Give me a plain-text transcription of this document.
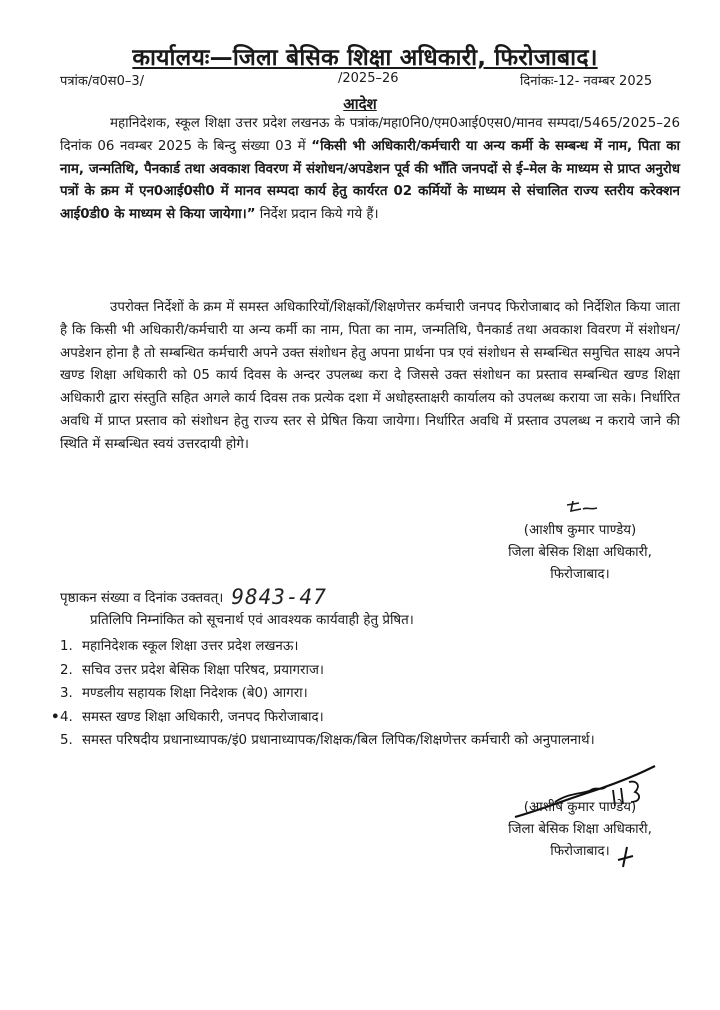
कार्यालयः—जिला बेसिक शिक्षा अधिकारी, फिरोजाबाद।
पत्रांक/व0स0–3/	/2025–26	दिनांकः-12- नवम्बर 2025
आदेश

महानिदेशक, स्कूल शिक्षा उत्तर प्रदेश लखनऊ के पत्रांक/महा0नि0/एम0आई0एस0/मानव सम्पदा/5465/2025–26 दिनांक 06 नवम्बर 2025 के बिन्दु संख्या 03 में “किसी भी अधिकारी/कर्मचारी या अन्य कर्मी के सम्बन्ध में नाम, पिता का नाम, जन्मतिथि, पैनकार्ड तथा अवकाश विवरण में संशोधन/अपडेशन पूर्व की भाँति जनपदों से ई–मेल के माध्यम से प्राप्त अनुरोध पत्रों के क्रम में एन0आई0सी0 में मानव सम्पदा कार्य हेतु कार्यरत 02 कर्मियों के माध्यम से संचालित राज्य स्तरीय करेक्शन आई0डी0 के माध्यम से किया जायेगा।” निर्देश प्रदान किये गये हैं।

उपरोक्त निर्देशों के क्रम में समस्त अधिकारियों/शिक्षकों/शिक्षणेत्तर कर्मचारी जनपद फिरोजाबाद को निर्देशित किया जाता है कि किसी भी अधिकारी/कर्मचारी या अन्य कर्मी का नाम, पिता का नाम, जन्मतिथि, पैनकार्ड तथा अवकाश विवरण में संशोधन/अपडेशन होना है तो सम्बन्धित कर्मचारी अपने उक्त संशोधन हेतु अपना प्रार्थना पत्र एवं संशोधन से सम्बन्धित समुचित साक्ष्य अपने खण्ड शिक्षा अधिकारी को 05 कार्य दिवस के अन्दर उपलब्ध करा दे जिससे उक्त संशोधन का प्रस्ताव सम्बन्धित खण्ड शिक्षा अधिकारी द्वारा संस्तुति सहित अगले कार्य दिवस तक प्रत्येक दशा में अधोहस्ताक्षरी कार्यालय को उपलब्ध कराया जा सके। निर्धारित अवधि में प्राप्त प्रस्ताव को संशोधन हेतु राज्य स्तर से प्रेषित किया जायेगा। निर्धारित अवधि में प्रस्ताव उपलब्ध न कराये जाने की स्थिति में सम्बन्धित स्वयं उत्तरदायी होगे।

(आशीष कुमार पाण्डेय)
जिला बेसिक शिक्षा अधिकारी,
फिरोजाबाद।
पृष्ठाकन संख्या व दिनांक उक्तवत्। 9843-47
प्रतिलिपि निम्नांकित को सूचनार्थ एवं आवश्यक कार्यवाही हेतु प्रेषित।
1. महानिदेशक स्कूल शिक्षा उत्तर प्रदेश लखनऊ।
2. सचिव उत्तर प्रदेश बेसिक शिक्षा परिषद, प्रयागराज।
3. मण्डलीय सहायक शिक्षा निदेशक (बे0) आगरा।
• 4. समस्त खण्ड शिक्षा अधिकारी, जनपद फिरोजाबाद।
5. समस्त परिषदीय प्रधानाध्यापक/इं0 प्रधानाध्यापक/शिक्षक/बिल लिपिक/शिक्षणेत्तर कर्मचारी को अनुपालनार्थ।
(आशीष कुमार पाण्डेय)
जिला बेसिक शिक्षा अधिकारी,
फिरोजाबाद।
